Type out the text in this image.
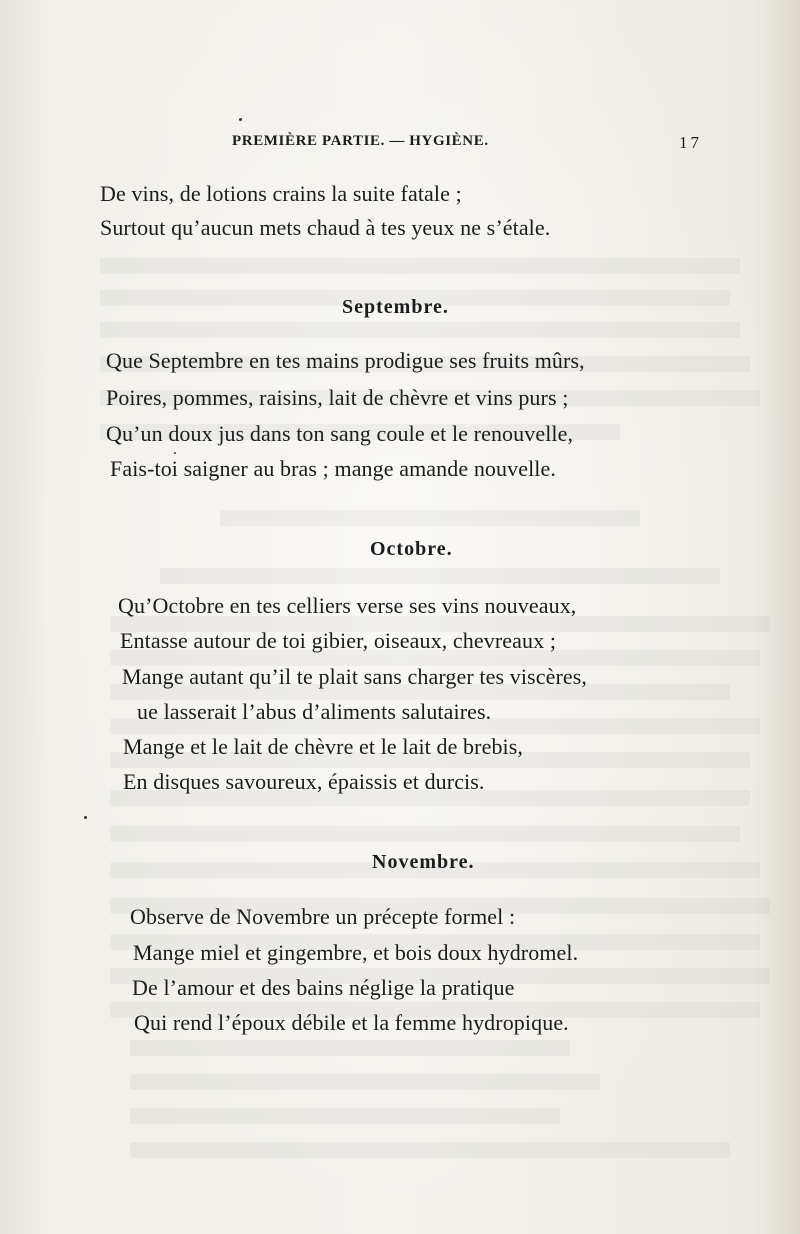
PREMIÈRE PARTIE. — HYGIÈNE.	17
De vins, de lotions crains la suite fatale ;
Surtout qu’aucun mets chaud à tes yeux ne s’étale.
Septembre.
Que Septembre en tes mains prodigue ses fruits mûrs,
Poires, pommes, raisins, lait de chèvre et vins purs ;
Qu’un doux jus dans ton sang coule et le renouvelle,
Fais-toi saigner au bras ; mange amande nouvelle.
Octobre.
Qu’Octobre en tes celliers verse ses vins nouveaux,
Entasse autour de toi gibier, oiseaux, chevreaux ;
Mange autant qu’il te plait sans charger tes viscères,
ue lasserait l’abus d’aliments salutaires.
Mange et le lait de chèvre et le lait de brebis,
En disques savoureux, épaissis et durcis.
Novembre.
Observe de Novembre un précepte formel :
Mange miel et gingembre, et bois doux hydromel.
De l’amour et des bains néglige la pratique
Qui rend l’époux débile et la femme hydropique.
